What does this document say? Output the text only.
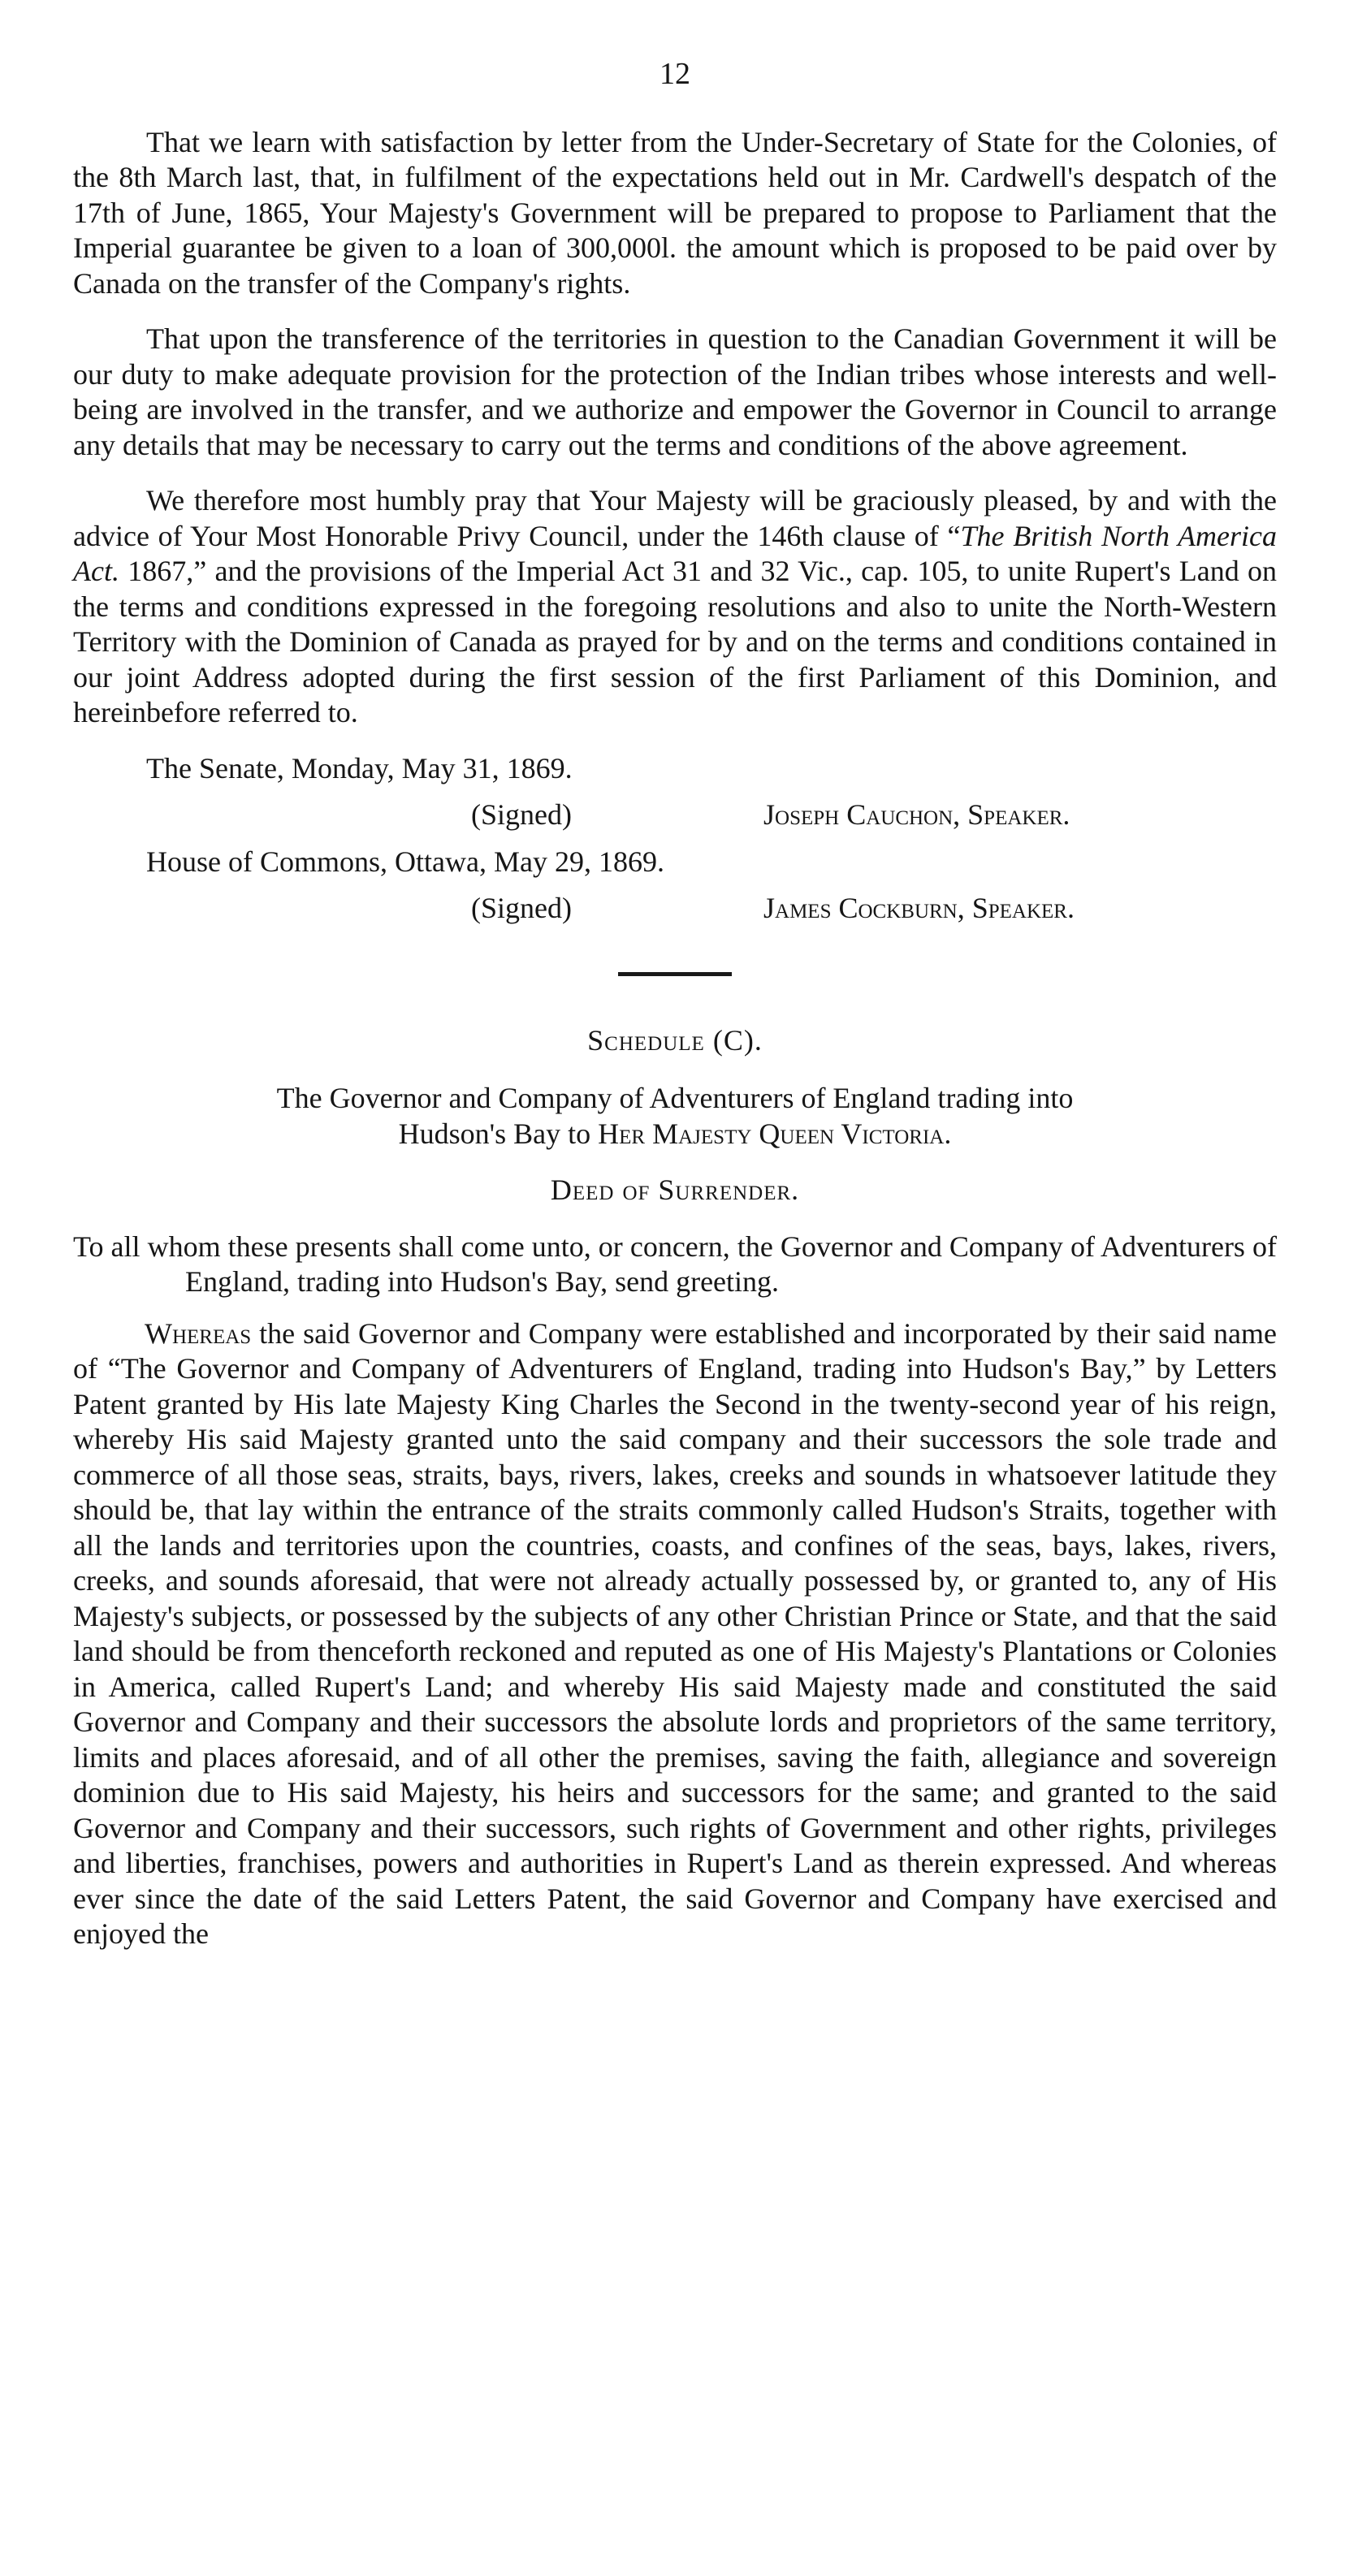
12

That we learn with satisfaction by letter from the Under-Secretary of State for the Colonies, of the 8th March last, that, in fulfilment of the expectations held out in Mr. Cardwell's despatch of the 17th of June, 1865, Your Majesty's Government will be prepared to propose to Parliament that the Imperial guarantee be given to a loan of 300,000l. the amount which is proposed to be paid over by Canada on the transfer of the Company's rights.

That upon the transference of the territories in question to the Canadian Government it will be our duty to make adequate provision for the protection of the Indian tribes whose interests and well-being are involved in the transfer, and we authorize and empower the Governor in Council to arrange any details that may be necessary to carry out the terms and conditions of the above agreement.

We therefore most humbly pray that Your Majesty will be graciously pleased, by and with the advice of Your Most Honorable Privy Council, under the 146th clause of “The British North America Act. 1867,” and the provisions of the Imperial Act 31 and 32 Vic., cap. 105, to unite Rupert's Land on the terms and conditions expressed in the foregoing resolutions and also to unite the North-Western Territory with the Dominion of Canada as prayed for by and on the terms and conditions contained in our joint Address adopted during the first session of the first Parliament of this Dominion, and hereinbefore referred to.

The Senate, Monday, May 31, 1869.
(Signed)	Joseph Cauchon, Speaker.
House of Commons, Ottawa, May 29, 1869.
(Signed)	James Cockburn, Speaker.
Schedule (C).
The Governor and Company of Adventurers of England trading into
Hudson's Bay to Her Majesty Queen Victoria.
Deed of Surrender.

To all whom these presents shall come unto, or concern, the Governor and Company of Adventurers of England, trading into Hudson's Bay, send greeting.

Whereas the said Governor and Company were established and incorporated by their said name of “The Governor and Company of Adventurers of England, trading into Hudson's Bay,” by Letters Patent granted by His late Majesty King Charles the Second in the twenty-second year of his reign, whereby His said Majesty granted unto the said company and their successors the sole trade and commerce of all those seas, straits, bays, rivers, lakes, creeks and sounds in whatsoever latitude they should be, that lay within the entrance of the straits commonly called Hudson's Straits, together with all the lands and territories upon the countries, coasts, and confines of the seas, bays, lakes, rivers, creeks, and sounds aforesaid, that were not already actually possessed by, or granted to, any of His Majesty's subjects, or possessed by the subjects of any other Christian Prince or State, and that the said land should be from thenceforth reckoned and reputed as one of His Majesty's Plantations or Colonies in America, called Rupert's Land; and whereby His said Majesty made and constituted the said Governor and Company and their successors the absolute lords and proprietors of the same territory, limits and places aforesaid, and of all other the premises, saving the faith, allegiance and sovereign dominion due to His said Majesty, his heirs and successors for the same; and granted to the said Governor and Company and their successors, such rights of Government and other rights, privileges and liberties, franchises, powers and authorities in Rupert's Land as therein expressed. And whereas ever since the date of the said Letters Patent, the said Governor and Company have exercised and enjoyed the
